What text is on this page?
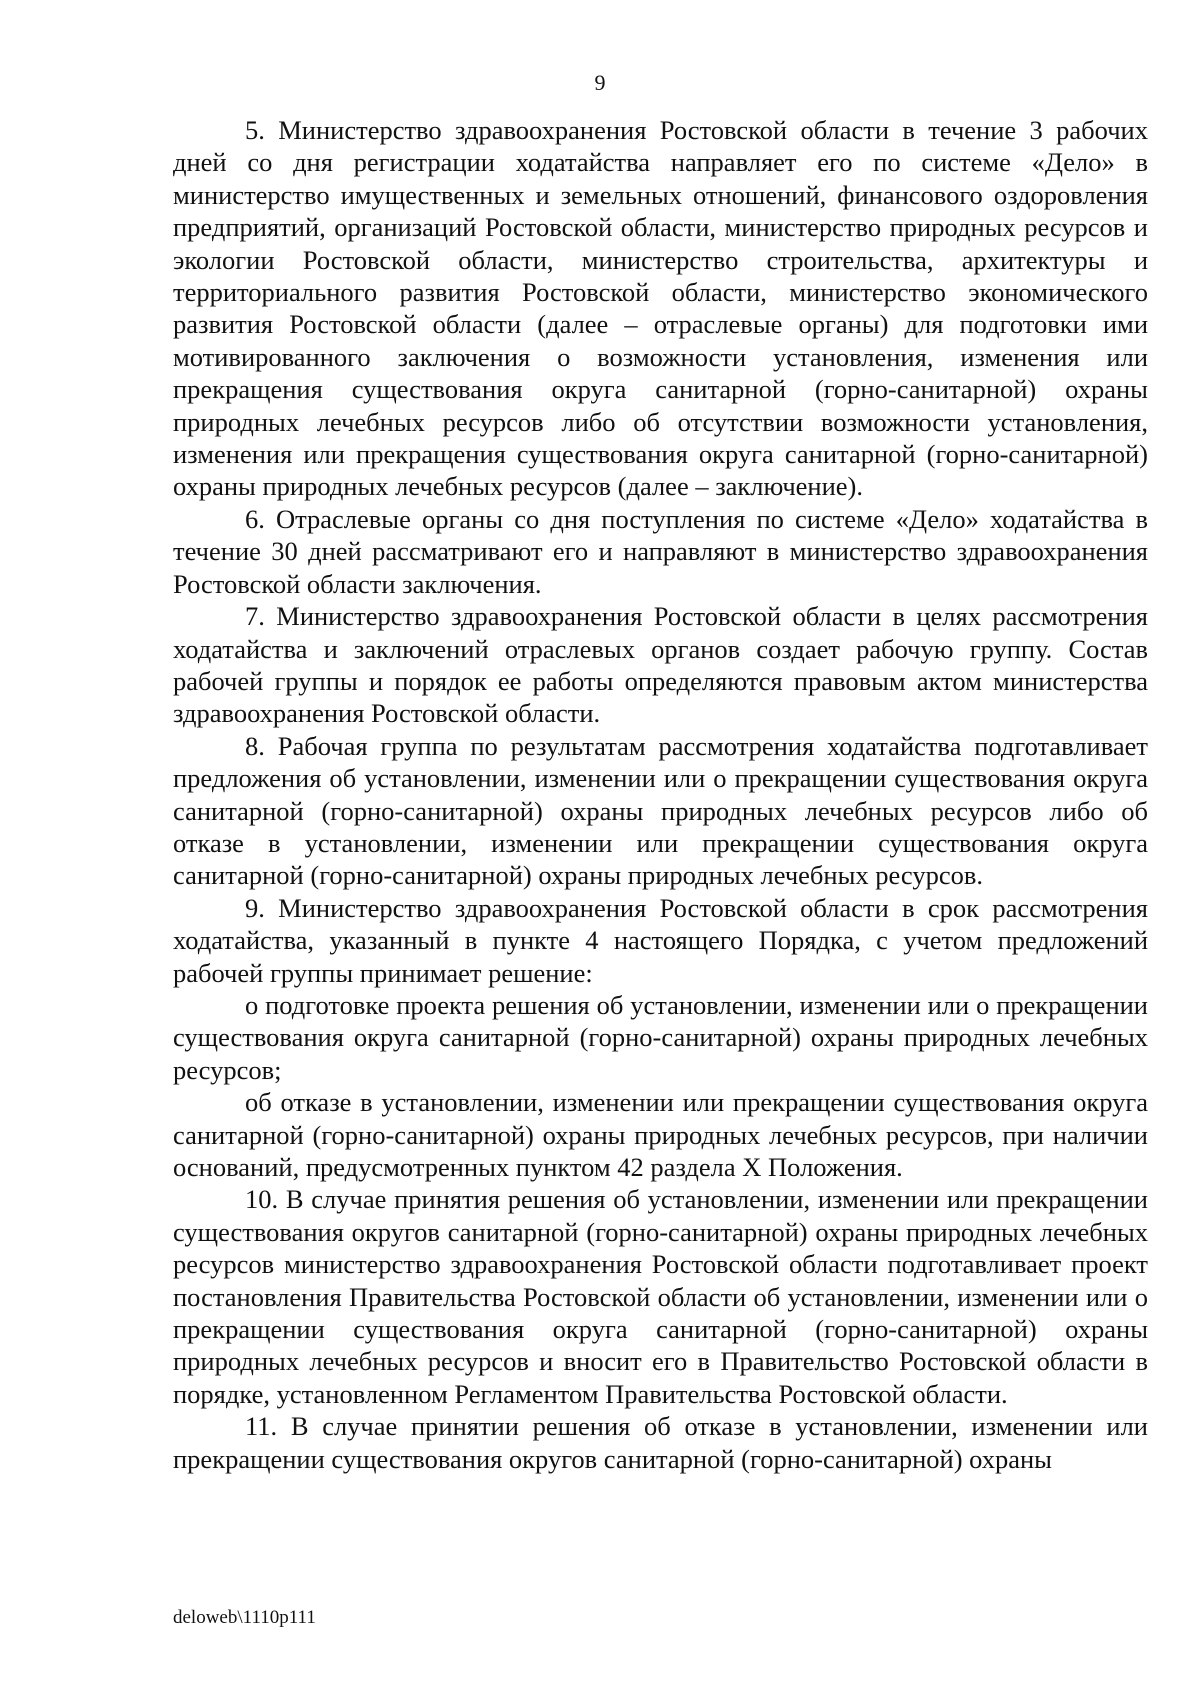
9

5. Министерство здравоохранения Ростовской области в течение 3 рабочих дней со дня регистрации ходатайства направляет его по системе «Дело» в министерство имущественных и земельных отношений, финансового оздоровления предприятий, организаций Ростовской области, министерство природных ресурсов и экологии Ростовской области, министерство строительства, архитектуры и территориального развития Ростовской области, министерство экономического развития Ростовской области (далее – отраслевые органы) для подготовки ими мотивированного заключения о возможности установления, изменения или прекращения существования округа санитарной (горно-санитарной) охраны природных лечебных ресурсов либо об отсутствии возможности установления, изменения или прекращения существования округа санитарной (горно-санитарной) охраны природных лечебных ресурсов (далее – заключение).

6. Отраслевые органы со дня поступления по системе «Дело» ходатайства в течение 30 дней рассматривают его и направляют в министерство здравоохранения Ростовской области заключения.

7. Министерство здравоохранения Ростовской области в целях рассмотрения ходатайства и заключений отраслевых органов создает рабочую группу. Состав рабочей группы и порядок ее работы определяются правовым актом министерства здравоохранения Ростовской области.

8. Рабочая группа по результатам рассмотрения ходатайства подготавливает предложения об установлении, изменении или о прекращении существования округа санитарной (горно-санитарной) охраны природных лечебных ресурсов либо об отказе в установлении, изменении или прекращении существования округа санитарной (горно-санитарной) охраны природных лечебных ресурсов.

9. Министерство здравоохранения Ростовской области в срок рассмотрения ходатайства, указанный в пункте 4 настоящего Порядка, с учетом предложений рабочей группы принимает решение:

о подготовке проекта решения об установлении, изменении или о прекращении существования округа санитарной (горно-санитарной) охраны природных лечебных ресурсов;

об отказе в установлении, изменении или прекращении существования округа санитарной (горно-санитарной) охраны природных лечебных ресурсов, при наличии оснований, предусмотренных пунктом 42 раздела X Положения.

10. В случае принятия решения об установлении, изменении или прекращении существования округов санитарной (горно-санитарной) охраны природных лечебных ресурсов министерство здравоохранения Ростовской области подготавливает проект постановления Правительства Ростовской области об установлении, изменении или о прекращении существования округа санитарной (горно-санитарной) охраны природных лечебных ресурсов и вносит его в Правительство Ростовской области в порядке, установленном Регламентом Правительства Ростовской области.

11. В случае принятии решения об отказе в установлении, изменении или прекращении существования округов санитарной (горно-санитарной) охраны

deloweb\1110p111
